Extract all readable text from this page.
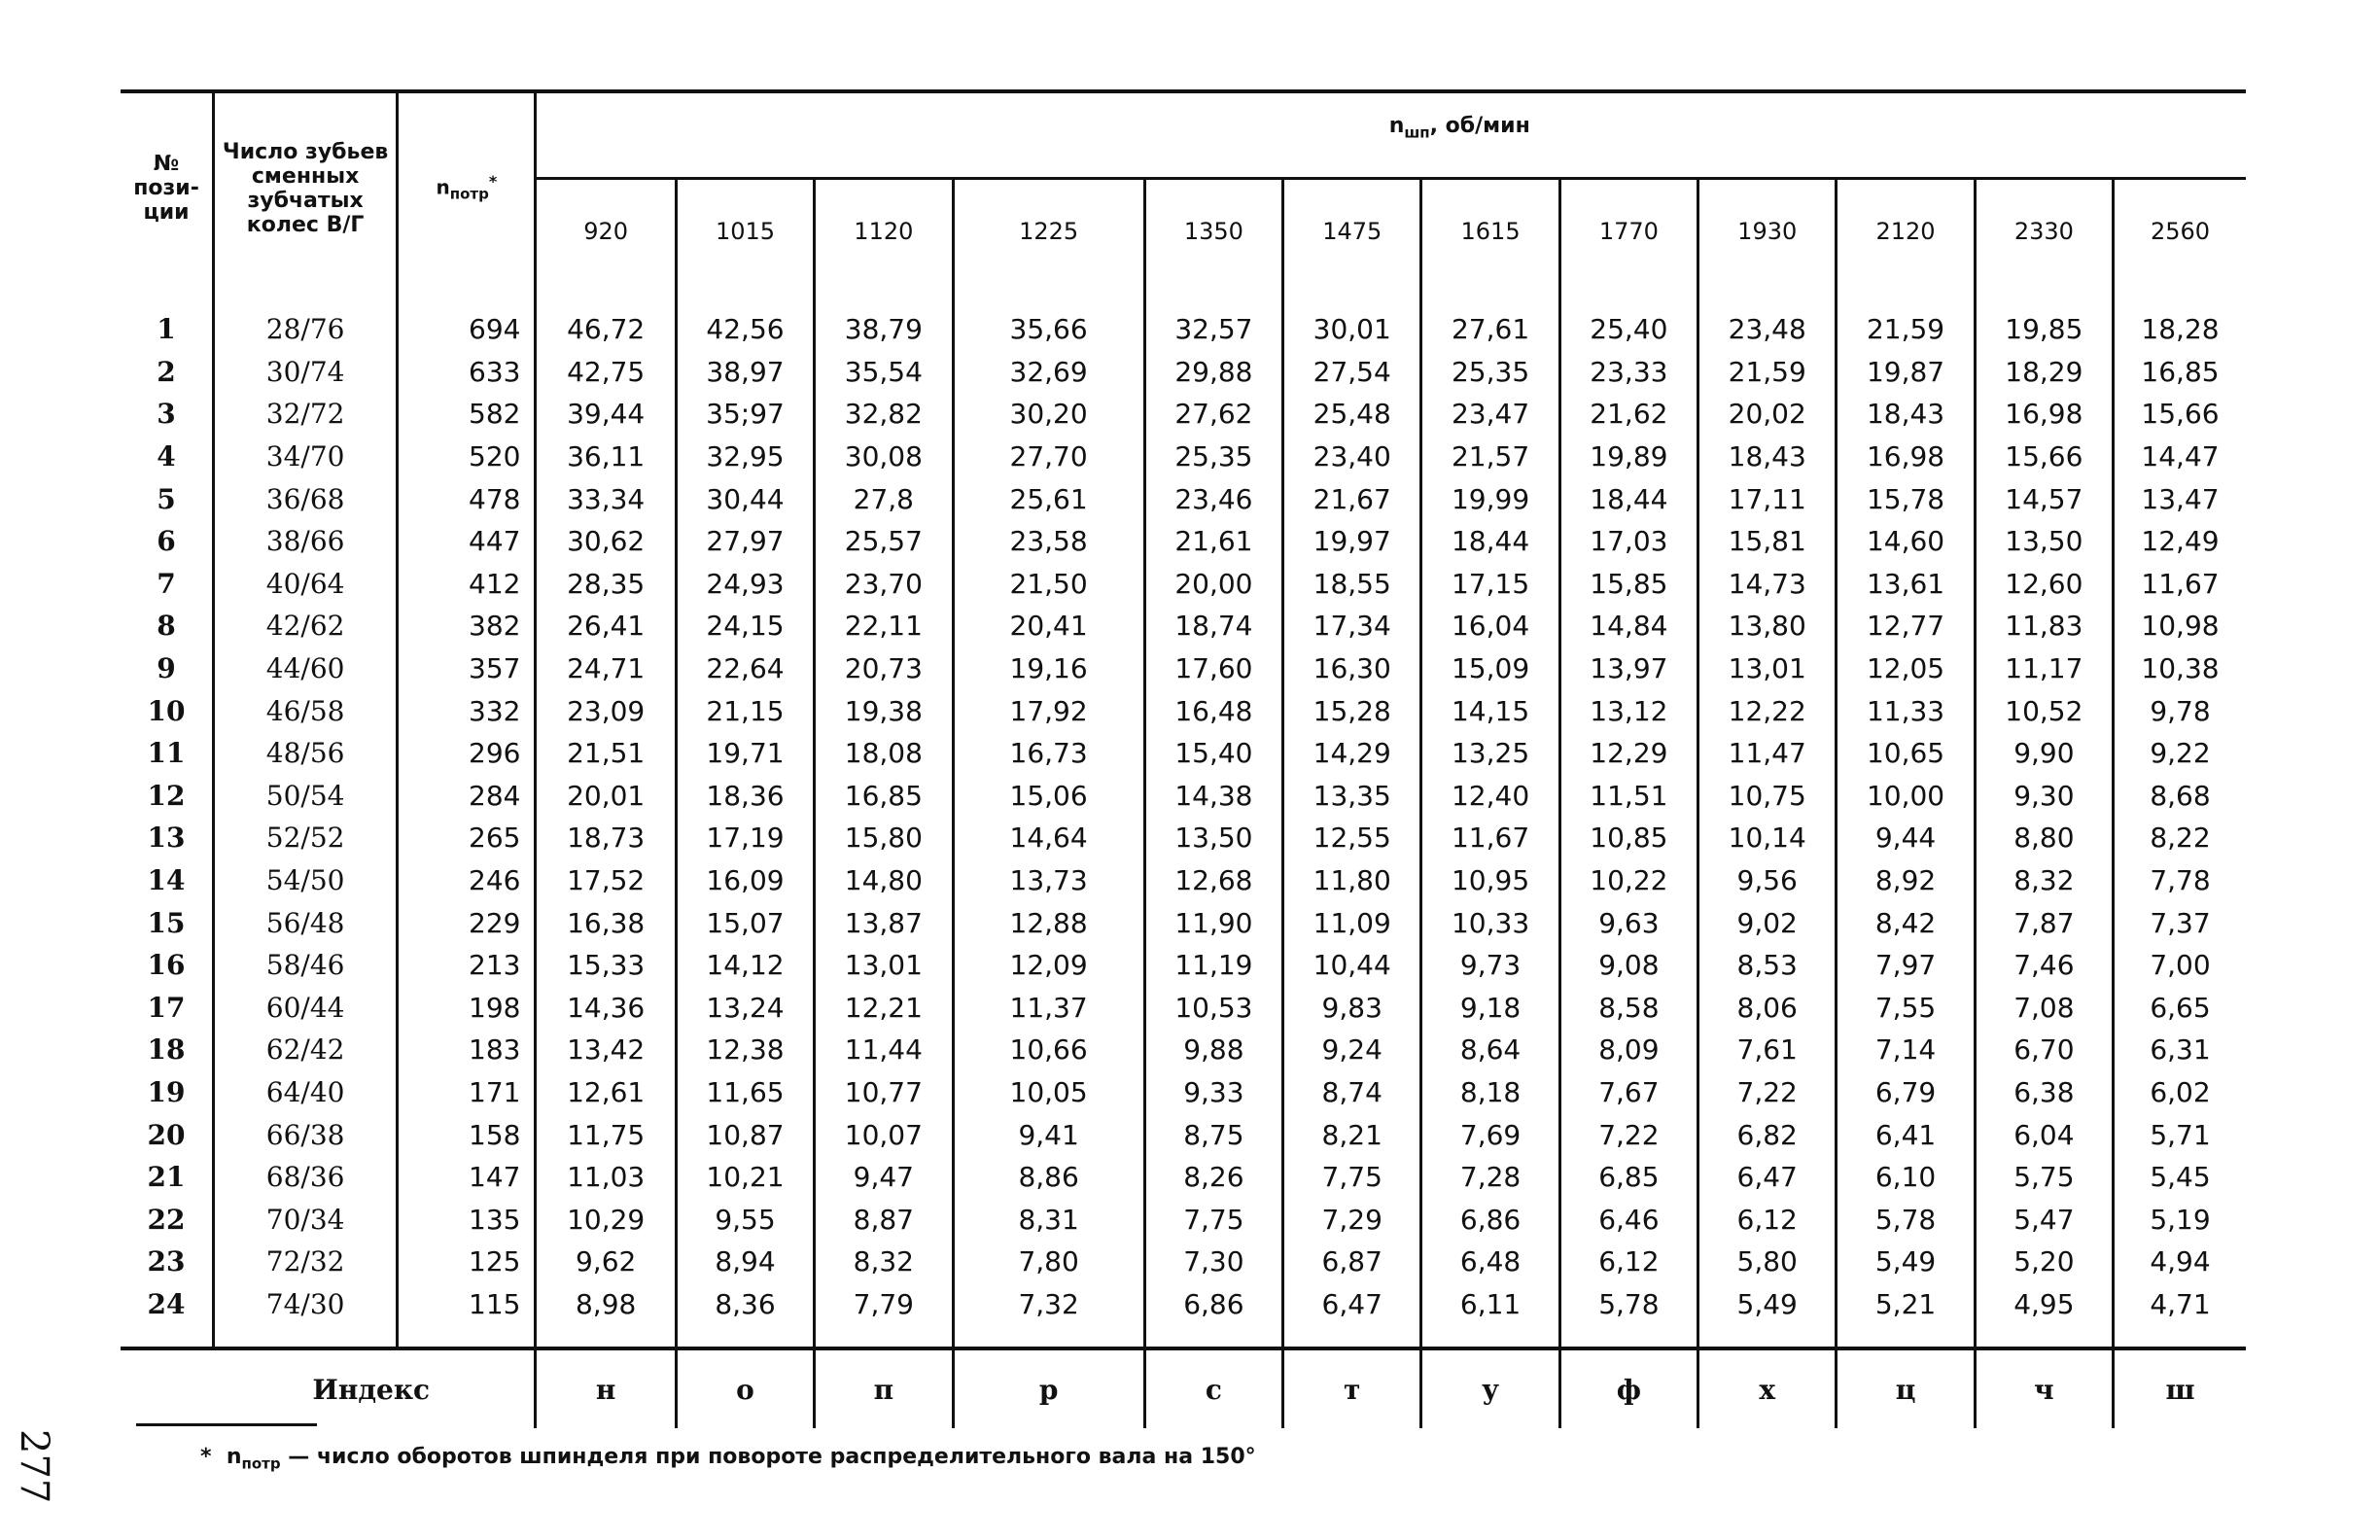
№ пози-ции	Число зубьев сменных зубчатых колес В/Г	$n_{потр}^*$	$n_{шп}$, об/мин											
			920	1015	1120	1225	1350	1475	1615	1770	1930	2120	2330	2560
1	28/76	694	46,72	42,56	38,79	35,66	32,57	30,01	27,61	25,40	23,48	21,59	19,85	18,28
2	30/74	633	42,75	38,97	35,54	32,69	29,88	27,54	25,35	23,33	21,59	19,87	18,29	16,85
3	32/72	582	39,44	35;97	32,82	30,20	27,62	25,48	23,47	21,62	20,02	18,43	16,98	15,66
4	34/70	520	36,11	32,95	30,08	27,70	25,35	23,40	21,57	19,89	18,43	16,98	15,66	14,47
5	36/68	478	33,34	30,44	27,8	25,61	23,46	21,67	19,99	18,44	17,11	15,78	14,57	13,47
6	38/66	447	30,62	27,97	25,57	23,58	21,61	19,97	18,44	17,03	15,81	14,60	13,50	12,49
7	40/64	412	28,35	24,93	23,70	21,50	20,00	18,55	17,15	15,85	14,73	13,61	12,60	11,67
8	42/62	382	26,41	24,15	22,11	20,41	18,74	17,34	16,04	14,84	13,80	12,77	11,83	10,98
9	44/60	357	24,71	22,64	20,73	19,16	17,60	16,30	15,09	13,97	13,01	12,05	11,17	10,38
10	46/58	332	23,09	21,15	19,38	17,92	16,48	15,28	14,15	13,12	12,22	11,33	10,52	9,78
11	48/56	296	21,51	19,71	18,08	16,73	15,40	14,29	13,25	12,29	11,47	10,65	9,90	9,22
12	50/54	284	20,01	18,36	16,85	15,06	14,38	13,35	12,40	11,51	10,75	10,00	9,30	8,68
13	52/52	265	18,73	17,19	15,80	14,64	13,50	12,55	11,67	10,85	10,14	9,44	8,80	8,22
14	54/50	246	17,52	16,09	14,80	13,73	12,68	11,80	10,95	10,22	9,56	8,92	8,32	7,78
15	56/48	229	16,38	15,07	13,87	12,88	11,90	11,09	10,33	9,63	9,02	8,42	7,87	7,37
16	58/46	213	15,33	14,12	13,01	12,09	11,19	10,44	9,73	9,08	8,53	7,97	7,46	7,00
17	60/44	198	14,36	13,24	12,21	11,37	10,53	9,83	9,18	8,58	8,06	7,55	7,08	6,65
18	62/42	183	13,42	12,38	11,44	10,66	9,88	9,24	8,64	8,09	7,61	7,14	6,70	6,31
19	64/40	171	12,61	11,65	10,77	10,05	9,33	8,74	8,18	7,67	7,22	6,79	6,38	6,02
20	66/38	158	11,75	10,87	10,07	9,41	8,75	8,21	7,69	7,22	6,82	6,41	6,04	5,71
21	68/36	147	11,03	10,21	9,47	8,86	8,26	7,75	7,28	6,85	6,47	6,10	5,75	5,45
22	70/34	135	10,29	9,55	8,87	8,31	7,75	7,29	6,86	6,46	6,12	5,78	5,47	5,19
23	72/32	125	9,62	8,94	8,32	7,80	7,30	6,87	6,48	6,12	5,80	5,49	5,20	4,94
24	74/30	115	8,98	8,36	7,79	7,32	6,86	6,47	6,11	5,78	5,49	5,21	4,95	4,71
Индекс			н	о	п	р	с	т	у	ф	х	ц	ч	ш
* $n_{потр}$ — число оборотов шпинделя при повороте распределительного вала на 150°
277
